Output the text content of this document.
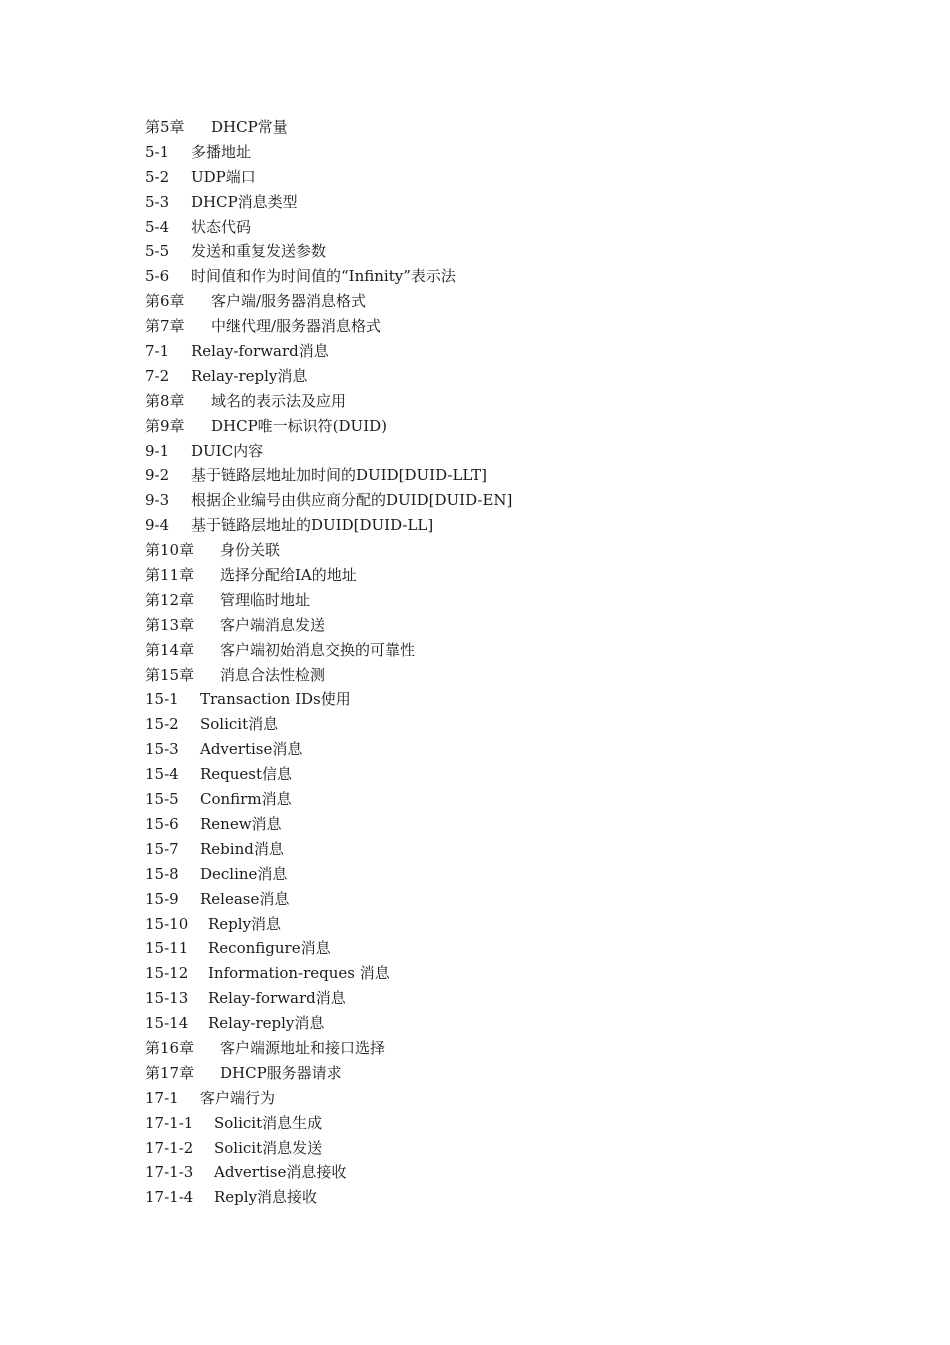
第5章 DHCP常量
5-1 多播地址
5-2 UDP端口
5-3 DHCP消息类型
5-4 状态代码
5-5 发送和重复发送参数
5-6 时间值和作为时间值的“Infinity”表示法
第6章 客户端/服务器消息格式
第7章 中继代理/服务器消息格式
7-1 Relay-forward消息
7-2 Relay-reply消息
第8章 域名的表示法及应用
第9章 DHCP唯一标识符(DUID)
9-1 DUIC内容
9-2 基于链路层地址加时间的DUID[DUID-LLT]
9-3 根据企业编号由供应商分配的DUID[DUID-EN]
9-4 基于链路层地址的DUID[DUID-LL]
第10章 身份关联
第11章 选择分配给IA的地址
第12章 管理临时地址
第13章 客户端消息发送
第14章 客户端初始消息交换的可靠性
第15章 消息合法性检测
15-1 Transaction IDs使用
15-2 Solicit消息
15-3 Advertise消息
15-4 Request信息
15-5 Confirm消息
15-6 Renew消息
15-7 Rebind消息
15-8 Decline消息
15-9 Release消息
15-10 Reply消息
15-11 Reconfigure消息
15-12 Information-reques 消息
15-13 Relay-forward消息
15-14 Relay-reply消息
第16章 客户端源地址和接口选择
第17章 DHCP服务器请求
17-1 客户端行为
17-1-1 Solicit消息生成
17-1-2 Solicit消息发送
17-1-3 Advertise消息接收
17-1-4 Reply消息接收
